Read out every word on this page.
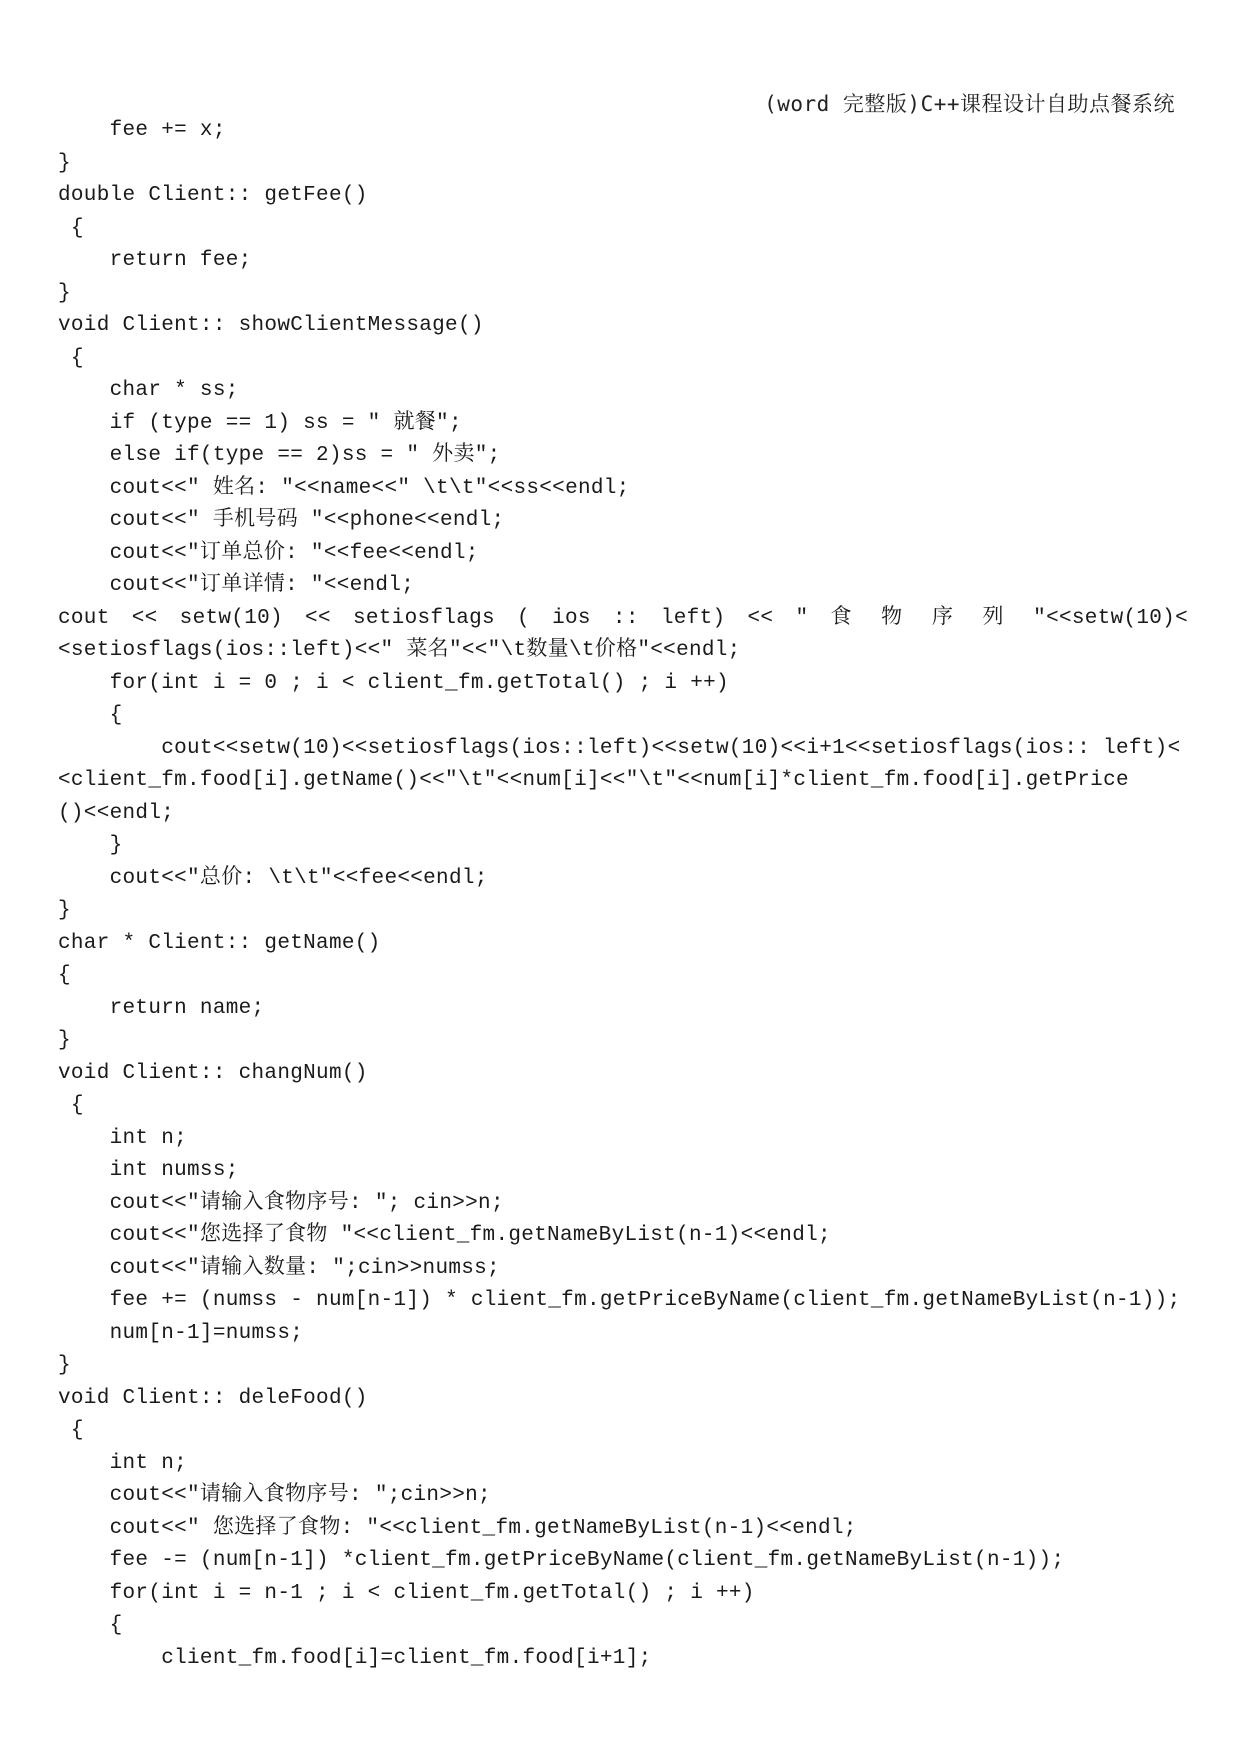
(word 完整版)C++课程设计自助点餐系统
fee += x;
}
double Client:: getFee()
{
return fee;
}
void Client:: showClientMessage()
{
char * ss;
if (type == 1) ss = " 就餐";
else if(type == 2)ss = " 外卖";
cout<<" 姓名: "<<name<<" \t\t"<<ss<<endl;
cout<<" 手机号码 "<<phone<<endl;
cout<<"订单总价: "<<fee<<endl;
cout<<"订单详情: "<<endl;
cout << setw(10) << setiosflags ( ios :: left) << " 食 物 序 列 "<<setw(10)<
<setiosflags(ios::left)<<" 菜名"<<"\t数量\t价格"<<endl;
for(int i = 0 ; i < client_fm.getTotal() ; i ++)
{
cout<<setw(10)<<setiosflags(ios::left)<<setw(10)<<i+1<<setiosflags(ios:: left)<
<client_fm.food[i].getName()<<"\t"<<num[i]<<"\t"<<num[i]*client_fm.food[i].getPrice
()<<endl;
}
cout<<"总价: \t\t"<<fee<<endl;
}
char * Client:: getName()
{
return name;
}
void Client:: changNum()
{
int n;
int numss;
cout<<"请输入食物序号: "; cin>>n;
cout<<"您选择了食物 "<<client_fm.getNameByList(n-1)<<endl;
cout<<"请输入数量: ";cin>>numss;
fee += (numss - num[n-1]) * client_fm.getPriceByName(client_fm.getNameByList(n-1));
num[n-1]=numss;
}
void Client:: deleFood()
{
int n;
cout<<"请输入食物序号: ";cin>>n;
cout<<" 您选择了食物: "<<client_fm.getNameByList(n-1)<<endl;
fee -= (num[n-1]) *client_fm.getPriceByName(client_fm.getNameByList(n-1));
for(int i = n-1 ; i < client_fm.getTotal() ; i ++)
{
client_fm.food[i]=client_fm.food[i+1];
